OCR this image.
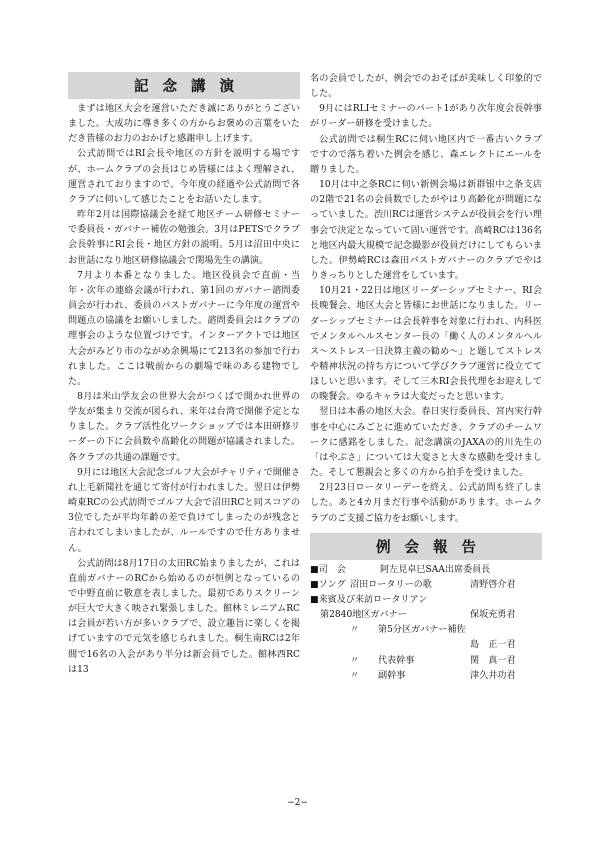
記念講演

まずは地区大会を運営いただき誠にありがとうございました。大成功に導き多くの方からお褒めの言葉をいただき皆様のお力のおかげと感謝申し上げます。

公式訪問ではRI会長や地区の方針を説明する場ですが、ホームクラブの会長はじめ皆様にはよく理解され、運営されておりますので、今年度の経過や公式訪問で各クラブに伺いして感じたことをお話いたします。

昨年2月は国際協議会を経て地区チーム研修セミナーで委員長・ガバナー補佐の勉強会。3月はPETSでクラブ会長幹事にRI会長・地区方針の説明。5月は沼田中央にお世話になり地区研修協議会で関場先生の講演。

7月より本番となりました。地区役員会で直前・当年・次年の連絡会議が行われ、第1回のガバナー諮問委員会が行われ、委員のパストガバナーに今年度の運営や問題点の協議をお願いしました。諮問委員会はクラブの理事会のような位置づけです。インターアクトでは地区大会がみどり市のながめ余興場にて213名の参加で行われました。ここは戦前からの劇場で味のある建物でした。

8月は米山学友会の世界大会がつくばで開かれ世界の学友が集まり交流が図られ、来年は台湾で開催予定となりました。クラブ活性化ワークショップでは本田研修リーダーの下に会員数や高齢化の問題が協議されました。各クラブの共通の課題です。

9月には地区大会記念ゴルフ大会がチャリティで開催され上毛新聞社を通じて寄付が行われました。翌日は伊勢崎東RCの公式訪問でゴルフ大会で沼田RCと同スコアの3位でしたが平均年齢の差で負けてしまったのが残念と言われてしまいましたが、ルールですので仕方ありません。

公式訪問は8月17日の太田RC始まりましたが、これは直前ガバナーのRCから始めるのが恒例となっているので中野直前に敬意を表しました。最初でありスクリーンが巨大で大きく映され緊張しました。館林ミレニアムRCは会員が若い方が多いクラブで、設立趣旨に楽しくを掲げていますので元気を感じられました。桐生南RCは2年間で16名の入会があり半分は新会員でした。館林西RCは13

名の会員でしたが、例会でのおそばが美味しく印象的でした。

9月にはRLIセミナーのパート1があり次年度会長幹事がリーダー研修を受けました。

公式訪問では桐生RCに伺い地区内で一番古いクラブですので落ち着いた例会を感じ、森エレクトにエールを贈りました。

10月は中之条RCに伺い新例会場は新群银中之条支店の2階で21名の会員数でしたがやはり高齢化が問題になっていました。渋川RCは運営システムが役員会を行い理事会で決定となっていて固い運営です。高崎RCは136名と地区内最大規模で記念撮影が役員だけにしてもらいました。伊勢崎RCは森田パストガバナーのクラブでやはりきっちりとした運営をしています。

10月21・22日は地区リーダーシップセミナー、RI会長晚餐会、地区大会と皆様にお世話になりました。リーダーシップセミナーは会長幹事を対象に行われ、内科医でメンタルヘルスセンター長の「働く人のメンタルヘルス〜ストレス一日決算主義の勧め〜」と題してストレスや精神状況の持ち方について学びクラブ運営に役立ててほしいと思います。そして三木RI会長代理をお迎えしての晚餐会。ゆるキャラは大変だったと思います。

翌日は本番の地区大会。春日実行委員長、宮内実行幹事を中心にみごとに進めていただき、クラブのチームワークに感銘をしました。記念講演のJAXAの的川先生の「はやぶさ」については大変さと大きな感動を受けました。そして懇親会と多くの方から拍手を受けました。

2月23日ロータリーデーを終え、公式訪問も終了しました。あと4カ月まだ行事や活動があります。ホームクラブのご支援ご協力をお願いします。

例会報告
■司　会	阿左見卓巳SAA出席委員長
■ソング 沼田ロータリーの歌	清野啓介君
■来賓及び来訪ロータリアン
第2840地区ガバナー	保坂充勇君
〃	第5分区ガバナー補佐
島　正一君
〃	代表幹事	関　真一君
〃	副幹事	津久井功君
−2−
